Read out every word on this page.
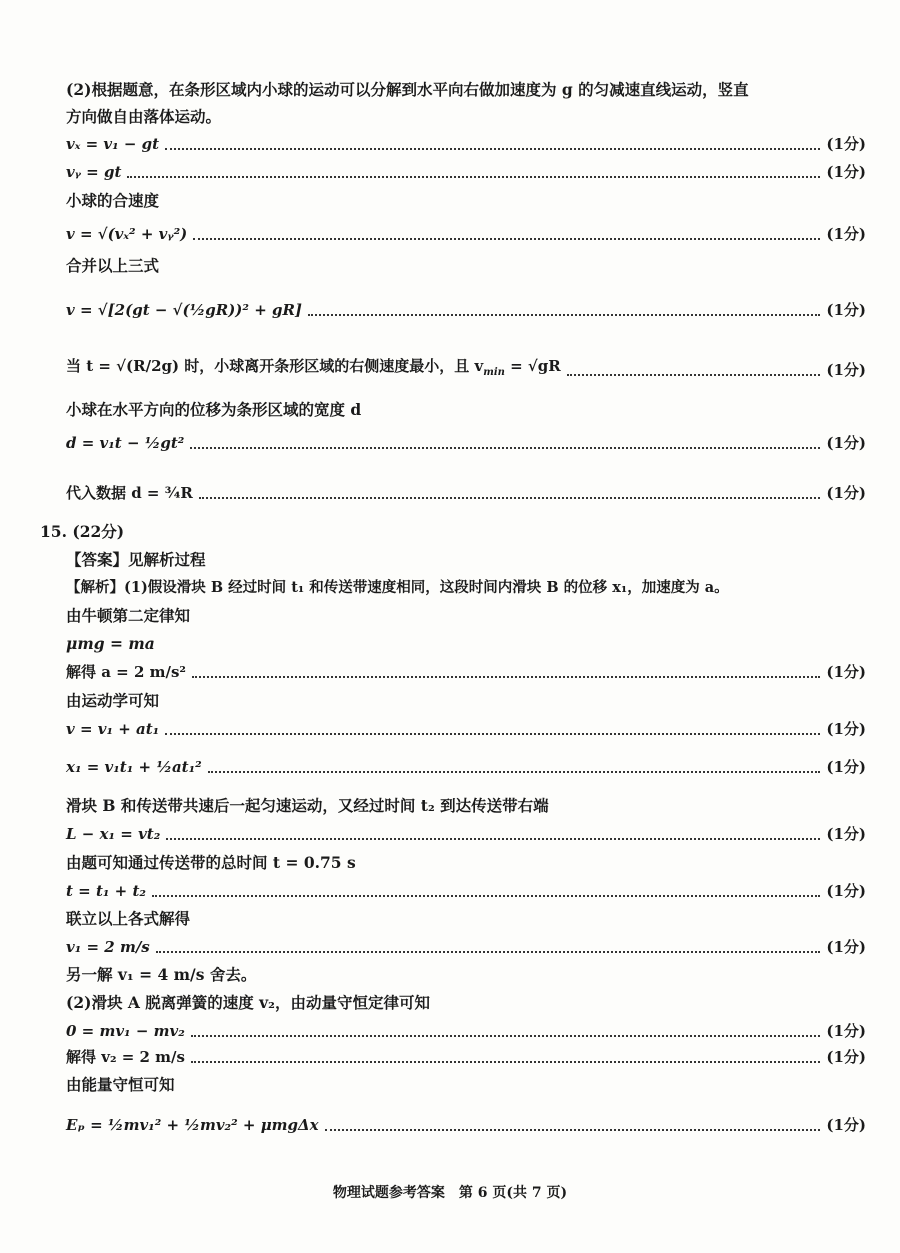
(2)根据题意，在条形区域内小球的运动可以分解到水平向右做加速度为 g 的匀减速直线运动，竖直
方向做自由落体运动。
vₓ = v₁ − gt	(1分)
vᵧ = gt	(1分)
小球的合速度
v = √(vₓ² + vᵧ²)	(1分)
合并以上三式
v = √[2(gt − √(½gR))² + gR]	(1分)
当 t = √(R/2g) 时，小球离开条形区域的右侧速度最小，且 $v_{min} = √gR$	(1分)
小球在水平方向的位移为条形区域的宽度 d
d = v₁t − ½gt²	(1分)
代入数据 d = ¾R	(1分)
15. (22分)
【答案】见解析过程
【解析】(1)假设滑块 B 经过时间 t₁ 和传送带速度相同，这段时间内滑块 B 的位移 x₁，加速度为 a。
由牛顿第二定律知
μmg = ma
解得 a = 2 m/s²	(1分)
由运动学可知
v = v₁ + at₁	(1分)
x₁ = v₁t₁ + ½at₁²	(1分)
滑块 B 和传送带共速后一起匀速运动，又经过时间 t₂ 到达传送带右端
L − x₁ = vt₂	(1分)
由题可知通过传送带的总时间 t = 0.75 s
t = t₁ + t₂	(1分)
联立以上各式解得
v₁ = 2 m/s	(1分)
另一解 v₁ = 4 m/s 舍去。
(2)滑块 A 脱离弹簧的速度 v₂，由动量守恒定律可知
0 = mv₁ − mv₂	(1分)
解得 v₂ = 2 m/s	(1分)
由能量守恒可知
Eₚ = ½mv₁² + ½mv₂² + μmgΔx	(1分)
物理试题参考答案　第 6 页(共 7 页)
